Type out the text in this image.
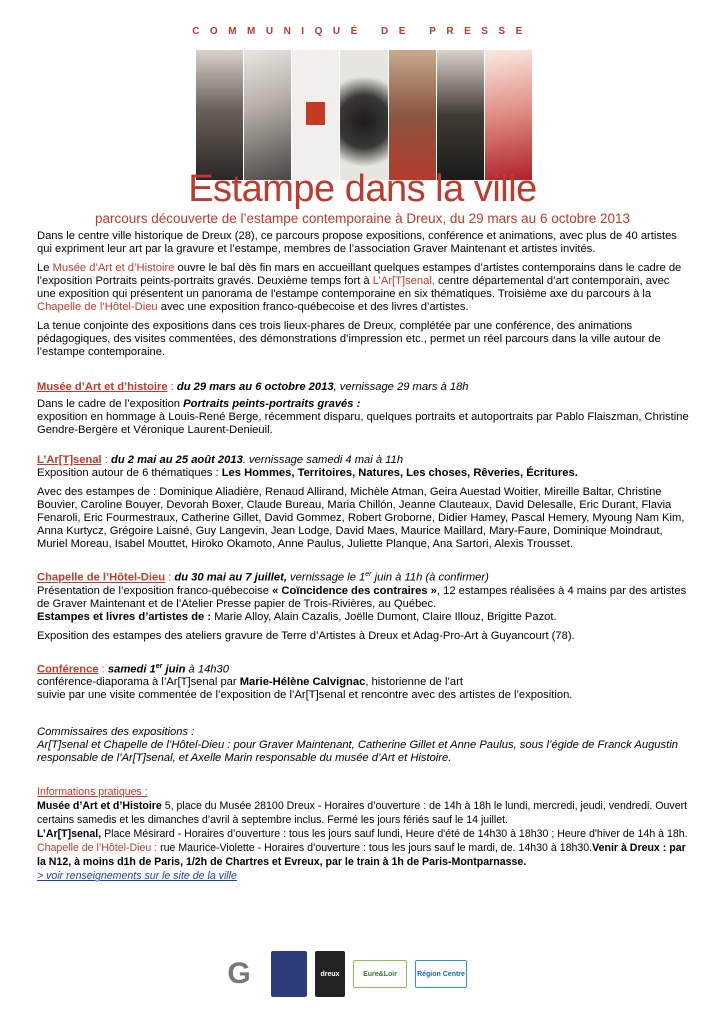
COMMUNIQUÉ DE PRESSE
Estampe dans la ville
parcours découverte de l’estampe contemporaine à Dreux, du 29 mars au 6 octobre 2013

Dans le centre ville historique de Dreux (28), ce parcours propose expositions, conférence et animations, avec plus de 40 artistes qui expriment leur art par la gravure et l’estampe, membres de l’association Graver Maintenant et artistes invités.

Le Musée d’Art et d’Histoire ouvre le bal dès fin mars en accueillant quelques estampes d’artistes contemporains dans le cadre de l’exposition Portraits peints-portraits gravés. Deuxième temps fort à L’Ar[T]senal, centre départemental d’art contemporain, avec une exposition qui présentent un panorama de l'estampe contemporaine en six thématiques. Troisième axe du parcours à la Chapelle de l’Hôtel-Dieu avec une exposition franco-québecoise et des livres d’artistes.

La tenue conjointe des expositions dans ces trois lieux-phares de Dreux, complétée par une conférence, des animations pédagogiques, des visites commentées, des démonstrations d’impression etc., permet un réel parcours dans la ville autour de l’estampe contemporaine.

Musée d’Art et d’histoire : du 29 mars au 6 octobre 2013, vernissage 29 mars à 18h
Dans le cadre de l’exposition Portraits peints-portraits gravés :
exposition en hommage à Louis-René Berge, récemment disparu, quelques portraits et autoportraits par Pablo Flaiszman, Christine Gendre-Bergère et Véronique Laurent-Denieuil.
L’Ar[T]senal : du 2 mai au 25 août 2013. vernissage samedi 4 mai à 11h
Exposition autour de 6 thématiques : Les Hommes, Territoires, Natures, Les choses, Rêveries, Écritures.
Avec des estampes de : Dominique Aliadière, Renaud Allirand, Michèle Atman, Geira Auestad Woitier, Mireille Baltar, Christine Bouvier, Caroline Bouyer, Devorah Boxer, Claude Bureau, Maria Chillón, Jeanne Clauteaux, David Delesalle, Eric Durant, Flavia Fenaroli, Eric Fourmestraux, Catherine Gillet, David Gommez, Robert Groborne, Didier Hamey, Pascal Hemery, Myoung Nam Kim, Anna Kurtycz, Grégoire Laisné, Guy Langevin, Jean Lodge, David Maes, Maurice Maillard, Mary-Faure, Dominique Moindraut, Muriel Moreau, Isabel Mouttet, Hiroko Okamoto, Anne Paulus, Juliette Planque, Ana Sartori, Alexis Trousset.
Chapelle de l’Hôtel-Dieu : du 30 mai au 7 juillet, vernissage le 1er juin à 11h (à confirmer)
Présentation de l’exposition franco-québecoise « Coïncidence des contraires », 12 estampes réalisées à 4 mains par des artistes de Graver Maintenant et de l’Atelier Presse papier de Trois-Rivières, au Québec.
Estampes et livres d’artistes de : Marie Alloy, Alain Cazalis, Joëlle Dumont, Claire Illouz, Brigitte Pazot.
Exposition des estampes des ateliers gravure de Terre d’Artistes à Dreux et Adag-Pro-Art à Guyancourt (78).
Conférence : samedi 1er juin à 14h30
conférence-diaporama à l’Ar[T]senal par Marie-Hélène Calvignac, historienne de l’art
suivie par une visite commentée de l’exposition de l’Ar[T]senal et rencontre avec des artistes de l’exposition.
Commissaires des expositions :
Ar[T]senal et Chapelle de l’Hôtel-Dieu : pour Graver Maintenant, Catherine Gillet et Anne Paulus, sous l’égide de Franck Augustin responsable de l’Ar[T]senal, et Axelle Marin responsable du musée d’Art et Histoire.
Informations pratiques :
Musée d’Art et d’Histoire 5, place du Musée 28100 Dreux - Horaires d’ouverture : de 14h à 18h le lundi, mercredi, jeudi, vendredi. Ouvert certains samedis et les dimanches d’avril à septembre inclus. Fermé les jours fériés sauf le 14 juillet.
L’Ar[T]senal, Place Mésirard - Horaires d’ouverture : tous les jours sauf lundi, Heure d'été de 14h30 à 18h30 ; Heure d'hiver de 14h à 18h.
Chapelle de l’Hôtel-Dieu : rue Maurice-Violette - Horaires d’ouverture : tous les jours sauf le mardi, de. 14h30 à 18h30.Venir à Dreux : par la N12, à moins d1h de Paris, 1/2h de Chartres et Evreux, par le train à 1h de Paris-Montparnasse.
> voir renseignements sur le site de la ville
G	dreux	Eure&Loir	Région Centre
